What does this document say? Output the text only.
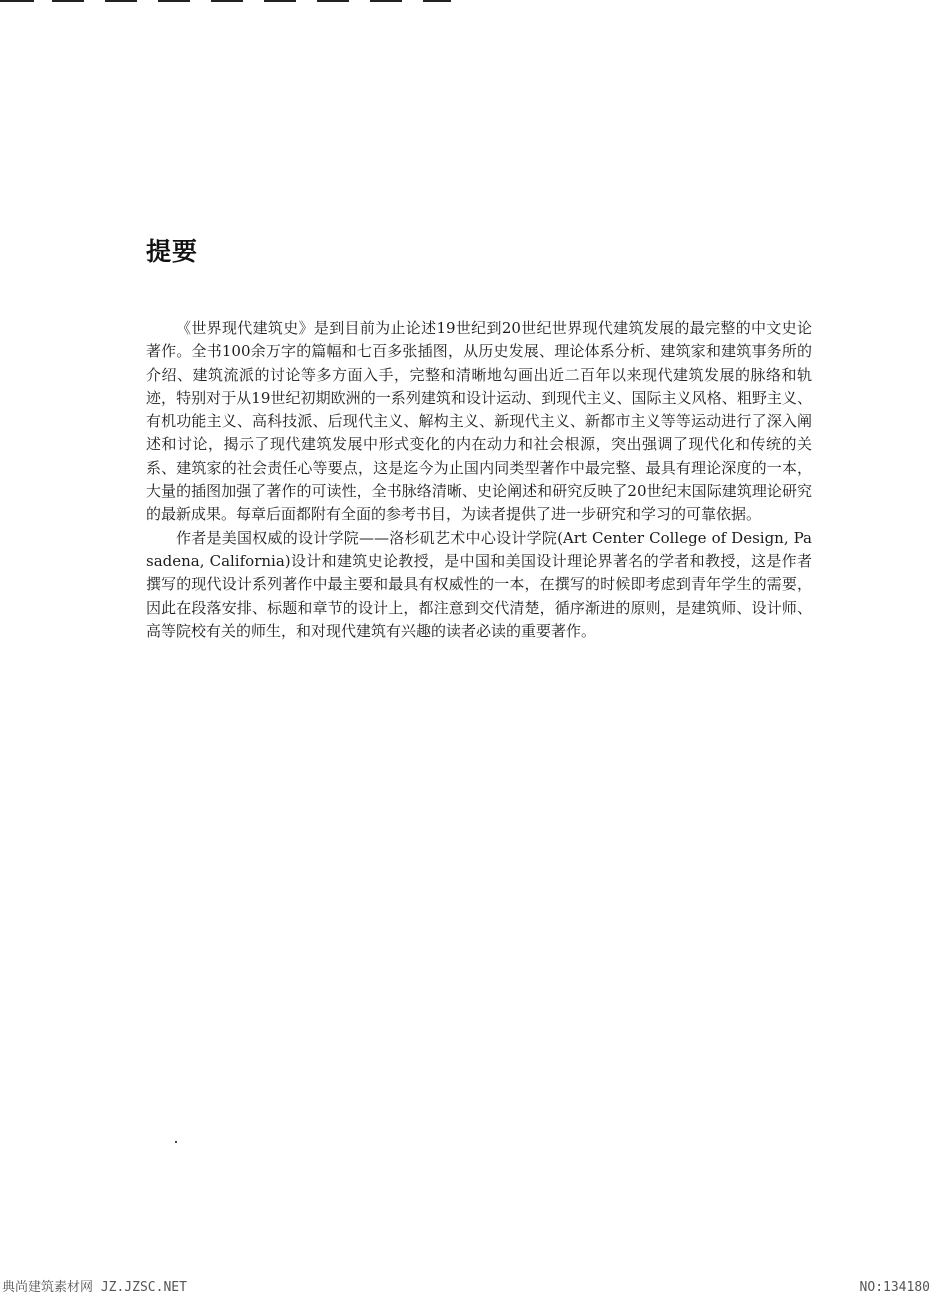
提要

《世界现代建筑史》是到目前为止论述19世纪到20世纪世界现代建筑发展的最完整的中文史论著作。全书100余万字的篇幅和七百多张插图，从历史发展、理论体系分析、建筑家和建筑事务所的介绍、建筑流派的讨论等多方面入手，完整和清晰地勾画出近二百年以来现代建筑发展的脉络和轨迹，特别对于从19世纪初期欧洲的一系列建筑和设计运动、到现代主义、国际主义风格、粗野主义、有机功能主义、高科技派、后现代主义、解构主义、新现代主义、新都市主义等等运动进行了深入阐述和讨论，揭示了现代建筑发展中形式变化的内在动力和社会根源，突出强调了现代化和传统的关系、建筑家的社会责任心等要点，这是迄今为止国内同类型著作中最完整、最具有理论深度的一本，大量的插图加强了著作的可读性，全书脉络清晰、史论阐述和研究反映了20世纪末国际建筑理论研究的最新成果。每章后面都附有全面的参考书目，为读者提供了进一步研究和学习的可靠依据。

作者是美国权威的设计学院——洛杉矶艺术中心设计学院(Art Center College of Design, Pasadena, California)设计和建筑史论教授，是中国和美国设计理论界著名的学者和教授，这是作者撰写的现代设计系列著作中最主要和最具有权威性的一本，在撰写的时候即考虑到青年学生的需要，因此在段落安排、标题和章节的设计上，都注意到交代清楚，循序渐进的原则，是建筑师、设计师、高等院校有关的师生，和对现代建筑有兴趣的读者必读的重要著作。

典尚建筑素材网 JZ.JZSC.NET	NO:134180
